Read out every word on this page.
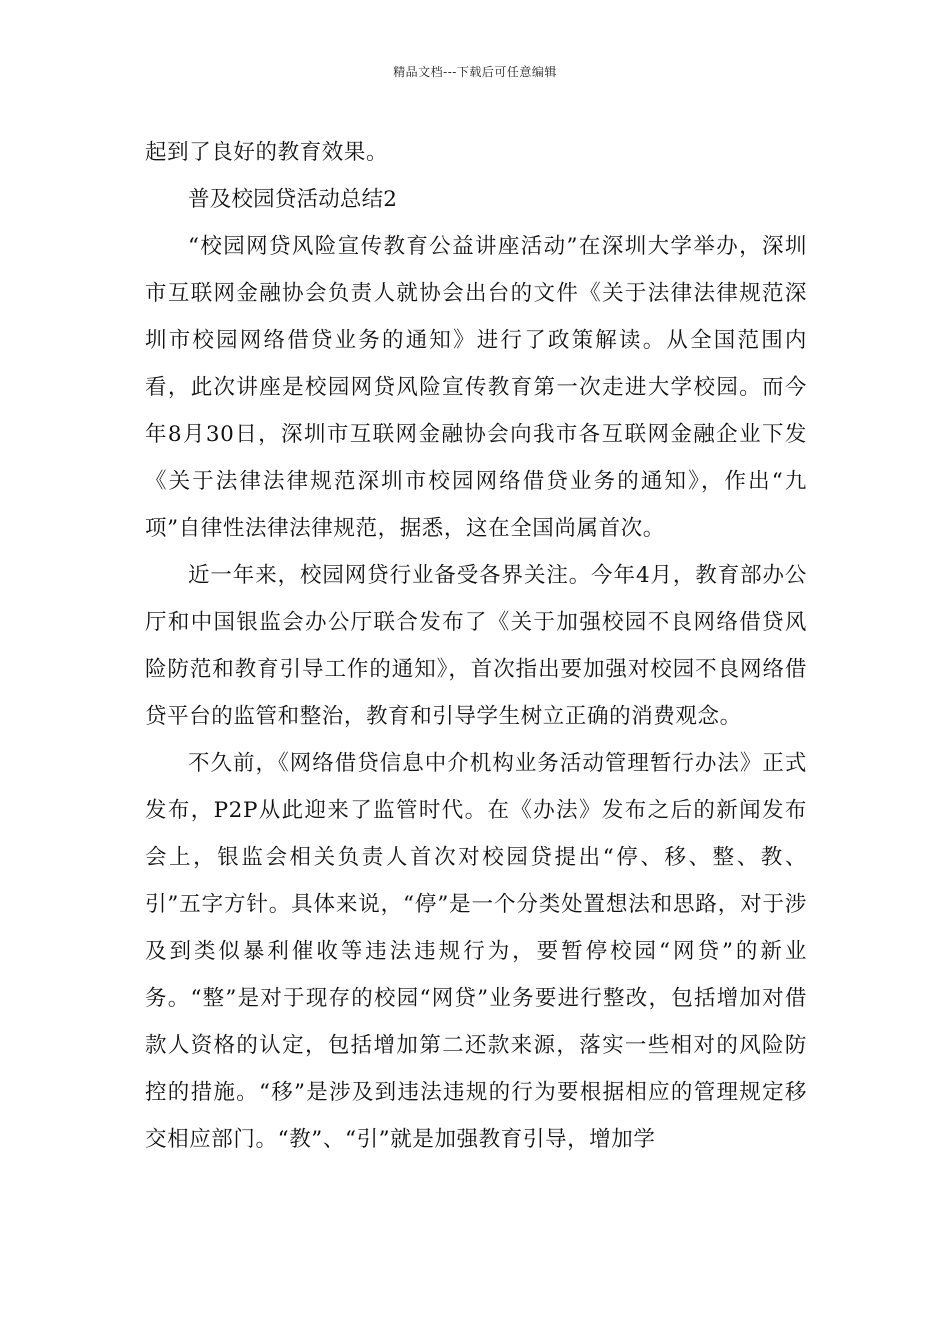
精品文档---下载后可任意编辑

起到了良好的教育效果。

普及校园贷活动总结2

“校园网贷风险宣传教育公益讲座活动”在深圳大学举办，深圳市互联网金融协会负责人就协会出台的文件《关于法律法律规范深圳市校园网络借贷业务的通知》进行了政策解读。从全国范围内看，此次讲座是校园网贷风险宣传教育第一次走进大学校园。而今年8月30日，深圳市互联网金融协会向我市各互联网金融企业下发《关于法律法律规范深圳市校园网络借贷业务的通知》，作出“九项”自律性法律法律规范，据悉，这在全国尚属首次。

近一年来，校园网贷行业备受各界关注。今年4月，教育部办公厅和中国银监会办公厅联合发布了《关于加强校园不良网络借贷风险防范和教育引导工作的通知》，首次指出要加强对校园不良网络借贷平台的监管和整治，教育和引导学生树立正确的消费观念。

不久前，《网络借贷信息中介机构业务活动管理暂行办法》正式发布，P2P从此迎来了监管时代。在《办法》发布之后的新闻发布会上，银监会相关负责人首次对校园贷提出“停、移、整、教、引”五字方针。具体来说，“停”是一个分类处置想法和思路，对于涉及到类似暴利催收等违法违规行为，要暂停校园“网贷”的新业务。“整”是对于现存的校园“网贷”业务要进行整改，包括增加对借款人资格的认定，包括增加第二还款来源，落实一些相对的风险防控的措施。“移”是涉及到违法违规的行为要根据相应的管理规定移交相应部门。“教”、“引”就是加强教育引导，增加学
